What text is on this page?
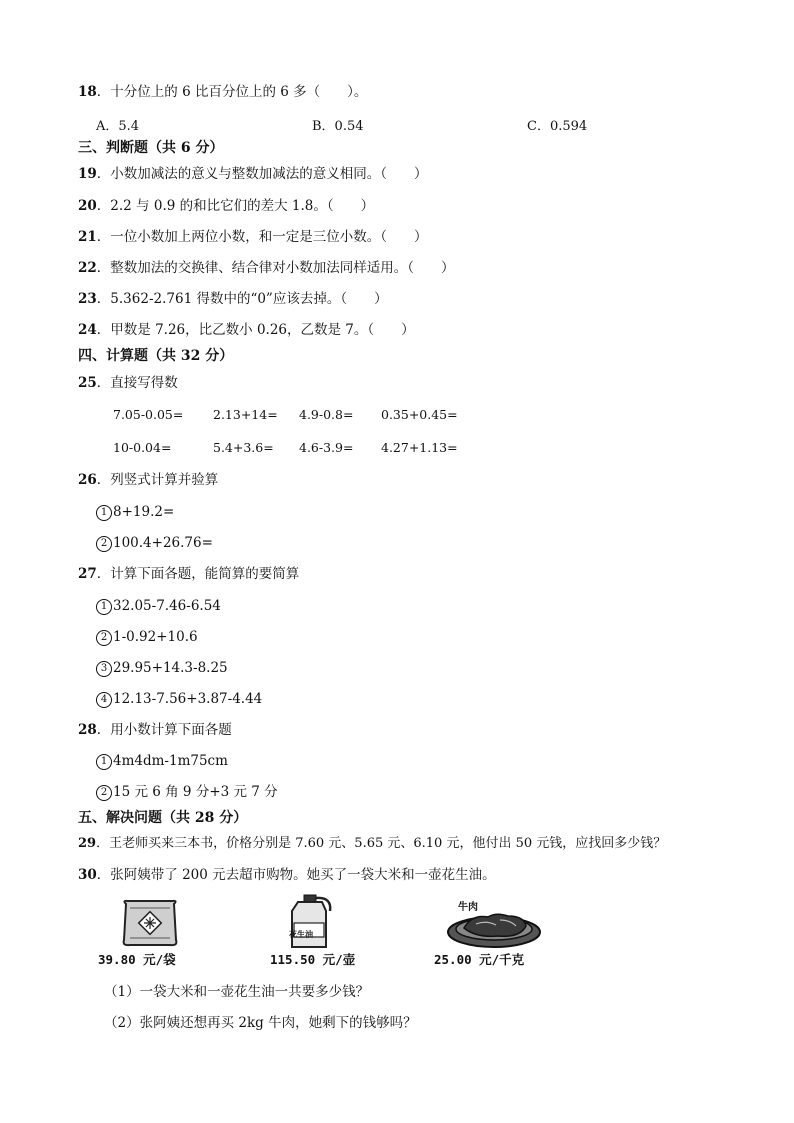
18．十分位上的 6 比百分位上的 6 多（　　）。
A．5.4	B．0.54	C．0.594
三、判断题（共 6 分）
19．小数加减法的意义与整数加减法的意义相同。（　　）
20．2.2 与 0.9 的和比它们的差大 1.8。（　　）
21．一位小数加上两位小数，和一定是三位小数。（　　）
22．整数加法的交换律、结合律对小数加法同样适用。（　　）
23．5.362-2.761 得数中的“0”应该去掉。（　　）
24．甲数是 7.26，比乙数小 0.26，乙数是 7。（　　）
四、计算题（共 32 分）
25．直接写得数
7.05-0.05= 2.13+14= 4.9-0.8= 0.35+0.45=
10-0.04=	5.4+3.6= 4.6-3.9= 4.27+1.13=
26．列竖式计算并验算
1 8+19.2=
2 100.4+26.76=
27．计算下面各题，能简算的要简算
1 32.05-7.46-6.54
2 1-0.92+10.6
3 29.95+14.3-8.25
4 12.13-7.56+3.87-4.44
28．用小数计算下面各题
1 4m4dm-1m75cm
2 15 元 6 角 9 分+3 元 7 分
五、解决问题（共 28 分）
29．王老师买来三本书，价格分别是 7.60 元、5.65 元、6.10 元，他付出 50 元钱，应找回多少钱？
30．张阿姨带了 200 元去超市购物。她买了一袋大米和一壶花生油。
39.80 元/袋
花生油
115.50 元/壶
牛肉
25.00 元/千克
（1）一袋大米和一壶花生油一共要多少钱？
（2）张阿姨还想再买 2kg 牛肉，她剩下的钱够吗？
